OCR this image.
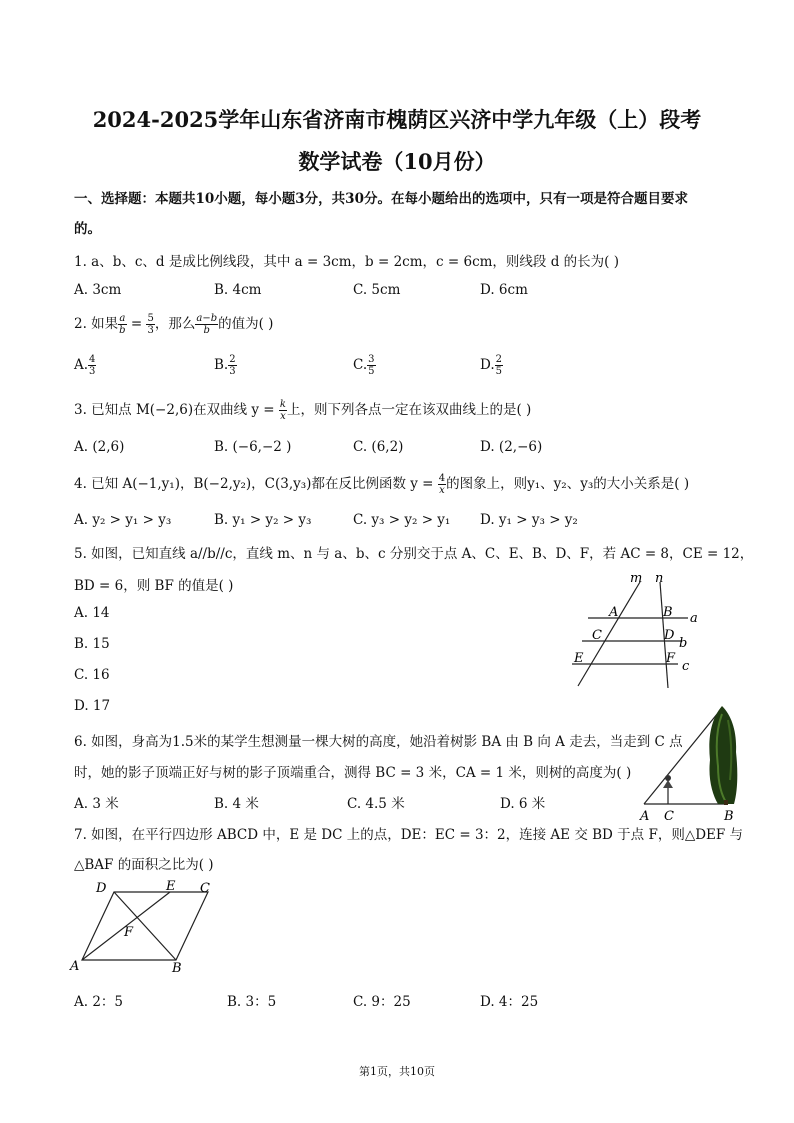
2024-2025学年山东省济南市槐荫区兴济中学九年级（上）段考
数学试卷（10月份）
一、选择题：本题共10小题，每小题3分，共30分。在每小题给出的选项中，只有一项是符合题目要求
的。
1. a、b、c、d 是成比例线段，其中 a = 3cm，b = 2cm，c = 6cm，则线段 d 的长为( )
A. 3cm	B. 4cm	C. 5cm	D. 6cm
2. 如果 $\frac{a}{b} = \frac{5}{3}$ ，那么 $\frac{a-b}{b}$ 的值为( )
A. $\frac{4}{3}$	B. $\frac{2}{3}$	C. $\frac{3}{5}$	D. $\frac{2}{5}$
3. 已知点 M(−2,6)在双曲线 $y = \frac{k}{x}$ 上，则下列各点一定在该双曲线上的是( )
A. (2,6)	B. (−6,−2 )	C. (6,2)	D. (2,−6)
4. 已知 A(−1,y₁)，B(−2,y₂)，C(3,y₃)都在反比例函数 $y = \frac{4}{x}$ 的图象上，则y₁、y₂、y₃的大小关系是( )
A. y₂ > y₁ > y₃	B. y₁ > y₂ > y₃	C. y₃ > y₂ > y₁ D. y₁ > y₃ > y₂
5. 如图，已知直线 a//b//c，直线 m、n 与 a、b、c 分别交于点 A、C、E、B、D、F，若 AC = 8，CE = 12，
BD = 6，则 BF 的值是( )
A. 14
B. 15
C. 16
D. 17
m n
A	B a
C	D
b
E	F
c
6. 如图，身高为1.5米的某学生想测量一棵大树的高度，她沿着树影 BA 由 B 向 A 走去，当走到 C 点
时，她的影子顶端正好与树的影子顶端重合，测得 BC = 3 米，CA = 1 米，则树的高度为( )
A. 3 米	B. 4 米	C. 4.5 米	D. 6 米
A C	B
7. 如图，在平行四边形 ABCD 中，E 是 DC 上的点，DE：EC = 3：2，连接 AE 交 BD 于点 F，则△DEF 与
△BAF 的面积之比为( )
D	E C
F
A	B
A. 2：5	B. 3：5	C. 9：25	D. 4：25
第1页，共10页
